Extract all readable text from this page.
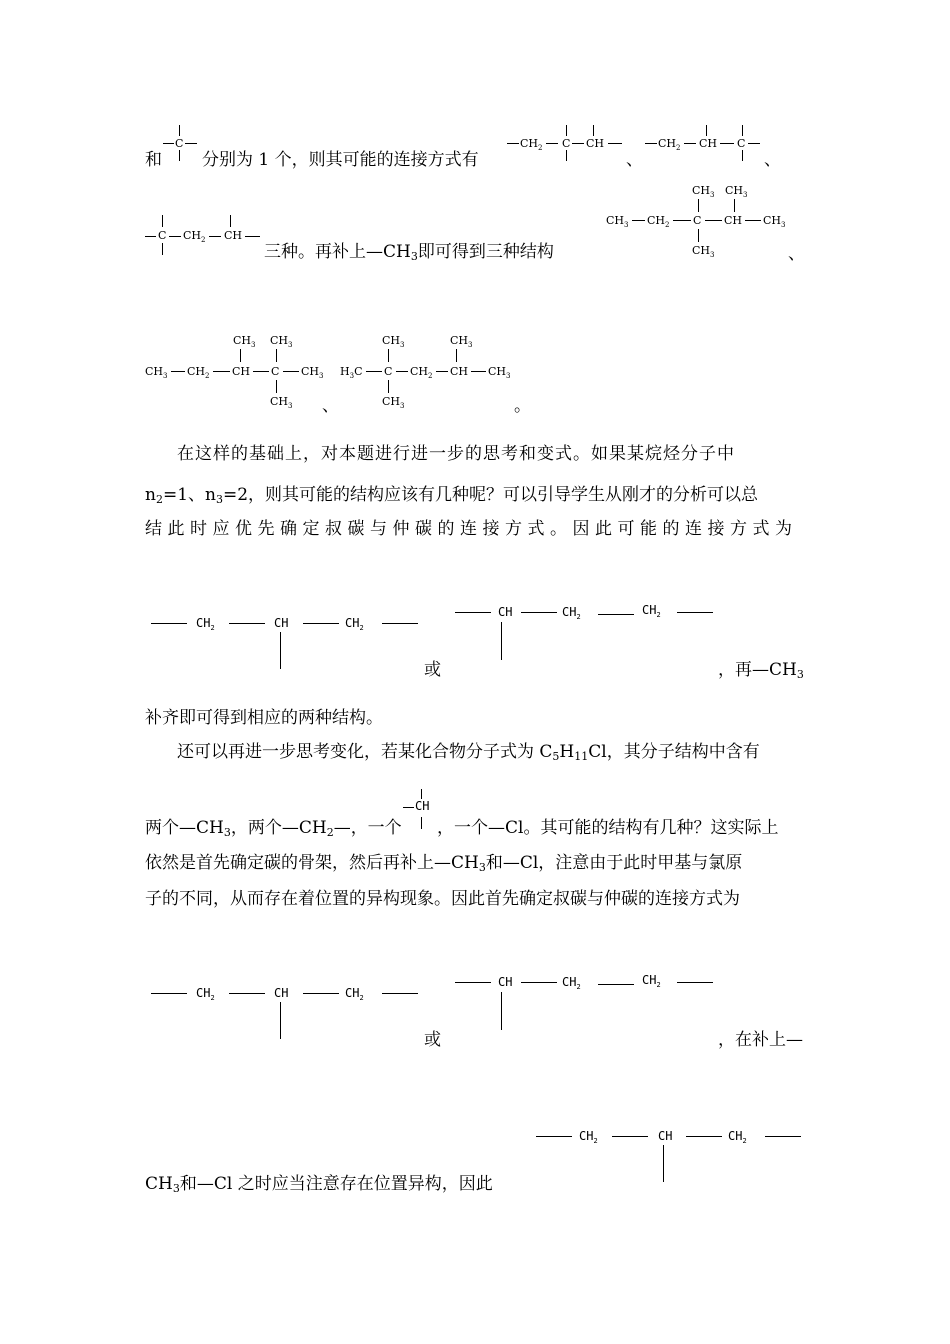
和
C
分别为 1 个，则其可能的连接方式有
$CH_2$ C CH
、
$CH_2$ CH C
、
C $CH_2$ CH
三种。再补上$—CH_3$即可得到三种结构
$CH_3$ $CH_3$
$CH_3$ $CH_2$ C CH $CH_3$
$CH_3$	、
$CH_3$ $CH_3$
$CH_3$ $CH_2$ CH C $CH_3$
$CH_3$ 、
$CH_3$	$CH_3$
$H_3C$ C $CH_2$ CH $CH_3$
$CH_3$	。
在这样的基础上，对本题进行进一步的思考和变式。如果某烷烃分子中
$n_2=1$、$n_3=2$，则其可能的结构应该有几种呢？可以引导学生从刚才的分析可以总
结此时应优先确定叔碳与仲碳的连接方式。因此可能的连接方式为
$CH_2$	CH	$CH_2$
CH	$CH_2$	$CH_2$
或	，再$—CH_3$
补齐即可得到相应的两种结构。
还可以再进一步思考变化，若某化合物分子式为 $C_5H_{11}Cl$，其分子结构中含有
两个$—CH_3$，两个$—CH_2—$，一个
CH
，一个—Cl。其可能的结构有几种？这实际上
依然是首先确定碳的骨架，然后再补上$—CH_3$和—Cl，注意由于此时甲基与氯原
子的不同，从而存在着位置的异构现象。因此首先确定叔碳与仲碳的连接方式为
$CH_2$	CH	$CH_2$
CH	$CH_2$	$CH_2$
或	，在补上—
$CH_2$	CH	$CH_2$
$CH_3$和—Cl 之时应当注意存在位置异构，因此
